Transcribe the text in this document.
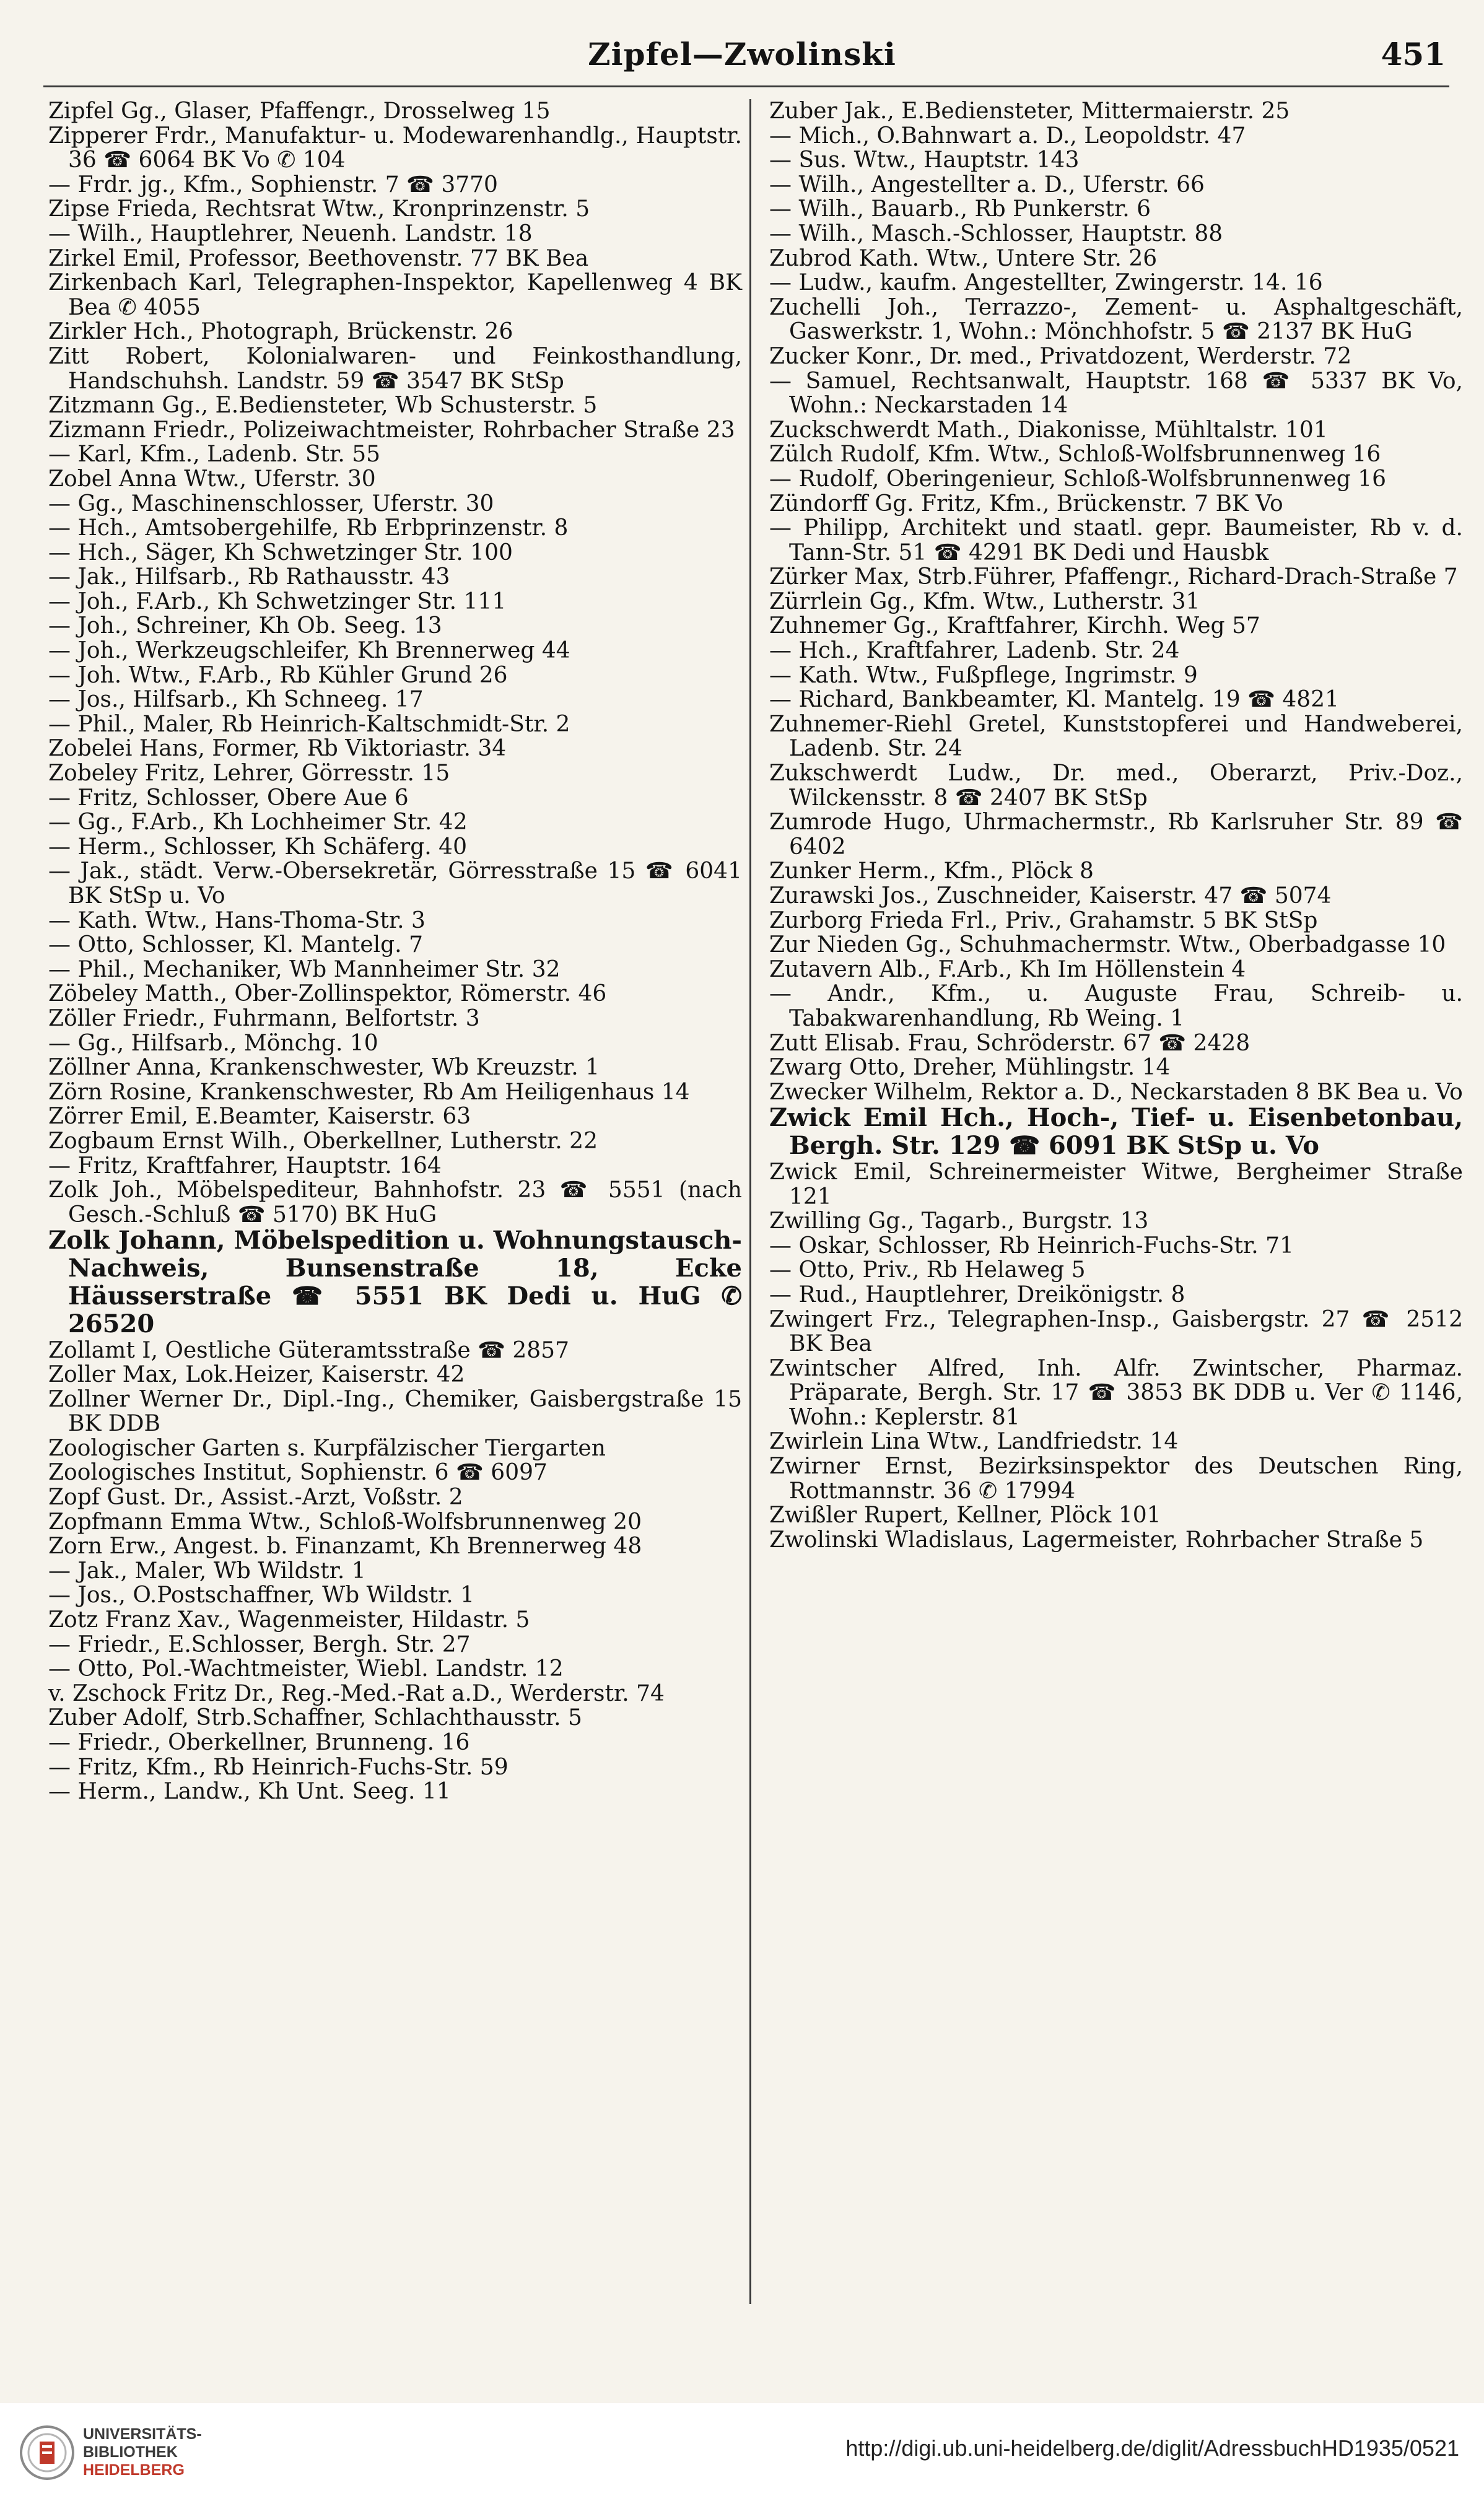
Zipfel—Zwolinski	451

Zipfel Gg., Glaser, Pfaffengr., Drosselweg 15

Zipperer Frdr., Manufaktur- u. Modewarenhandlg., Hauptstr. 36 ☎ 6064 BK Vo ✆ 104

— Frdr. jg., Kfm., Sophienstr. 7 ☎ 3770

Zipse Frieda, Rechtsrat Wtw., Kronprinzenstr. 5

— Wilh., Hauptlehrer, Neuenh. Landstr. 18

Zirkel Emil, Professor, Beethovenstr. 77 BK Bea

Zirkenbach Karl, Telegraphen-Inspektor, Kapellenweg 4 BK Bea ✆ 4055

Zirkler Hch., Photograph, Brückenstr. 26

Zitt Robert, Kolonialwaren- und Feinkosthandlung, Handschuhsh. Landstr. 59 ☎ 3547 BK StSp

Zitzmann Gg., E.Bediensteter, Wb Schusterstr. 5

Zizmann Friedr., Polizeiwachtmeister, Rohrbacher Straße 23

— Karl, Kfm., Ladenb. Str. 55

Zobel Anna Wtw., Uferstr. 30

— Gg., Maschinenschlosser, Uferstr. 30

— Hch., Amtsobergehilfe, Rb Erbprinzenstr. 8

— Hch., Säger, Kh Schwetzinger Str. 100

— Jak., Hilfsarb., Rb Rathausstr. 43

— Joh., F.Arb., Kh Schwetzinger Str. 111

— Joh., Schreiner, Kh Ob. Seeg. 13

— Joh., Werkzeugschleifer, Kh Brennerweg 44

— Joh. Wtw., F.Arb., Rb Kühler Grund 26

— Jos., Hilfsarb., Kh Schneeg. 17

— Phil., Maler, Rb Heinrich-Kaltschmidt-Str. 2

Zobelei Hans, Former, Rb Viktoriastr. 34

Zobeley Fritz, Lehrer, Görresstr. 15

— Fritz, Schlosser, Obere Aue 6

— Gg., F.Arb., Kh Lochheimer Str. 42

— Herm., Schlosser, Kh Schäferg. 40

— Jak., städt. Verw.-Obersekretär, Görresstraße 15 ☎ 6041 BK StSp u. Vo

— Kath. Wtw., Hans-Thoma-Str. 3

— Otto, Schlosser, Kl. Mantelg. 7

— Phil., Mechaniker, Wb Mannheimer Str. 32

Zöbeley Matth., Ober-Zollinspektor, Römerstr. 46

Zöller Friedr., Fuhrmann, Belfortstr. 3

— Gg., Hilfsarb., Mönchg. 10

Zöllner Anna, Krankenschwester, Wb Kreuzstr. 1

Zörn Rosine, Krankenschwester, Rb Am Heiligenhaus 14

Zörrer Emil, E.Beamter, Kaiserstr. 63

Zogbaum Ernst Wilh., Oberkellner, Lutherstr. 22

— Fritz, Kraftfahrer, Hauptstr. 164

Zolk Joh., Möbelspediteur, Bahnhofstr. 23 ☎ 5551 (nach Gesch.-Schluß ☎ 5170) BK HuG

Zolk Johann, Möbelspedition u. Wohnungstausch-Nachweis, Bunsenstraße 18, Ecke Häusserstraße ☎ 5551 BK Dedi u. HuG ✆ 26520

Zollamt I, Oestliche Güteramtsstraße ☎ 2857

Zoller Max, Lok.Heizer, Kaiserstr. 42

Zollner Werner Dr., Dipl.-Ing., Chemiker, Gaisbergstraße 15 BK DDB

Zoologischer Garten s. Kurpfälzischer Tiergarten

Zoologisches Institut, Sophienstr. 6 ☎ 6097

Zopf Gust. Dr., Assist.-Arzt, Voßstr. 2

Zopfmann Emma Wtw., Schloß-Wolfsbrunnenweg 20

Zorn Erw., Angest. b. Finanzamt, Kh Brennerweg 48

— Jak., Maler, Wb Wildstr. 1

— Jos., O.Postschaffner, Wb Wildstr. 1

Zotz Franz Xav., Wagenmeister, Hildastr. 5

— Friedr., E.Schlosser, Bergh. Str. 27

— Otto, Pol.-Wachtmeister, Wiebl. Landstr. 12

v. Zschock Fritz Dr., Reg.-Med.-Rat a.D., Werderstr. 74

Zuber Adolf, Strb.Schaffner, Schlachthausstr. 5

— Friedr., Oberkellner, Brunneng. 16

— Fritz, Kfm., Rb Heinrich-Fuchs-Str. 59

— Herm., Landw., Kh Unt. Seeg. 11

Zuber Jak., E.Bediensteter, Mittermaierstr. 25

— Mich., O.Bahnwart a. D., Leopoldstr. 47

— Sus. Wtw., Hauptstr. 143

— Wilh., Angestellter a. D., Uferstr. 66

— Wilh., Bauarb., Rb Punkerstr. 6

— Wilh., Masch.-Schlosser, Hauptstr. 88

Zubrod Kath. Wtw., Untere Str. 26

— Ludw., kaufm. Angestellter, Zwingerstr. 14. 16

Zuchelli Joh., Terrazzo-, Zement- u. Asphaltgeschäft, Gaswerkstr. 1, Wohn.: Mönchhofstr. 5 ☎ 2137 BK HuG

Zucker Konr., Dr. med., Privatdozent, Werderstr. 72

— Samuel, Rechtsanwalt, Hauptstr. 168 ☎ 5337 BK Vo, Wohn.: Neckarstaden 14

Zuckschwerdt Math., Diakonisse, Mühltalstr. 101

Zülch Rudolf, Kfm. Wtw., Schloß-Wolfsbrunnenweg 16

— Rudolf, Oberingenieur, Schloß-Wolfsbrunnenweg 16

Zündorff Gg. Fritz, Kfm., Brückenstr. 7 BK Vo

— Philipp, Architekt und staatl. gepr. Baumeister, Rb v. d. Tann-Str. 51 ☎ 4291 BK Dedi und Hausbk

Zürker Max, Strb.Führer, Pfaffengr., Richard-Drach-Straße 7

Zürrlein Gg., Kfm. Wtw., Lutherstr. 31

Zuhnemer Gg., Kraftfahrer, Kirchh. Weg 57

— Hch., Kraftfahrer, Ladenb. Str. 24

— Kath. Wtw., Fußpflege, Ingrimstr. 9

— Richard, Bankbeamter, Kl. Mantelg. 19 ☎ 4821

Zuhnemer-Riehl Gretel, Kunststopferei und Handweberei, Ladenb. Str. 24

Zukschwerdt Ludw., Dr. med., Oberarzt, Priv.-Doz., Wilckensstr. 8 ☎ 2407 BK StSp

Zumrode Hugo, Uhrmachermstr., Rb Karlsruher Str. 89 ☎ 6402

Zunker Herm., Kfm., Plöck 8

Zurawski Jos., Zuschneider, Kaiserstr. 47 ☎ 5074

Zurborg Frieda Frl., Priv., Grahamstr. 5 BK StSp

Zur Nieden Gg., Schuhmachermstr. Wtw., Oberbadgasse 10

Zutavern Alb., F.Arb., Kh Im Höllenstein 4

— Andr., Kfm., u. Auguste Frau, Schreib- u. Tabakwarenhandlung, Rb Weing. 1

Zutt Elisab. Frau, Schröderstr. 67 ☎ 2428

Zwarg Otto, Dreher, Mühlingstr. 14

Zwecker Wilhelm, Rektor a. D., Neckarstaden 8 BK Bea u. Vo

Zwick Emil Hch., Hoch-, Tief- u. Eisenbetonbau, Bergh. Str. 129 ☎ 6091 BK StSp u. Vo

Zwick Emil, Schreinermeister Witwe, Bergheimer Straße 121

Zwilling Gg., Tagarb., Burgstr. 13

— Oskar, Schlosser, Rb Heinrich-Fuchs-Str. 71

— Otto, Priv., Rb Helaweg 5

— Rud., Hauptlehrer, Dreikönigstr. 8

Zwingert Frz., Telegraphen-Insp., Gaisbergstr. 27 ☎ 2512 BK Bea

Zwintscher Alfred, Inh. Alfr. Zwintscher, Pharmaz. Präparate, Bergh. Str. 17 ☎ 3853 BK DDB u. Ver ✆ 1146, Wohn.: Keplerstr. 81

Zwirlein Lina Wtw., Landfriedstr. 14

Zwirner Ernst, Bezirksinspektor des Deutschen Ring, Rottmannstr. 36 ✆ 17994

Zwißler Rupert, Kellner, Plöck 101

Zwolinski Wladislaus, Lagermeister, Rohrbacher Straße 5

UNIVERSITÄTS-
BIBLIOTHEK
HEIDELBERG
http://digi.ub.uni-heidelberg.de/diglit/AdressbuchHD1935/0521
